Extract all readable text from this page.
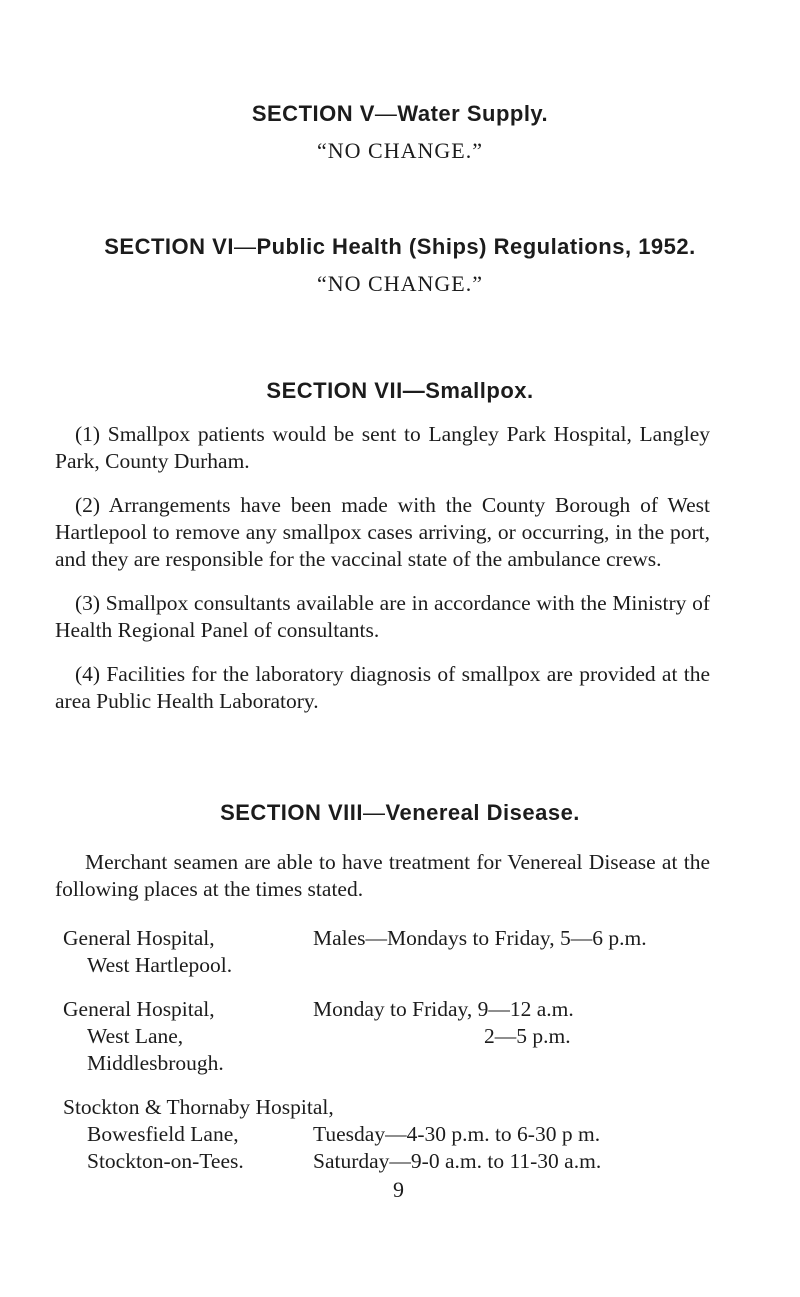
SECTION V—Water Supply.
“NO CHANGE.”
SECTION VI—Public Health (Ships) Regulations, 1952.
“NO CHANGE.”
SECTION VII—Smallpox.

(1) Smallpox patients would be sent to Langley Park Hospital, Langley Park, County Durham.

(2) Arrangements have been made with the County Borough of West Hartlepool to remove any smallpox cases arriving, or occurring, in the port, and they are responsible for the vaccinal state of the ambulance crews.

(3) Smallpox consultants available are in accordance with the Ministry of Health Regional Panel of consultants.

(4) Facilities for the laboratory diagnosis of smallpox are provided at the area Public Health Laboratory.

SECTION VIII—Venereal Disease.

Merchant seamen are able to have treatment for Venereal Disease at the following places at the times stated.

General Hospital,
West Hartlepool.
Males—Mondays to Friday, 5—6 p.m.
General Hospital,
West Lane,
Middlesbrough.
Monday to Friday, 9—12 a.m.
2—5 p.m.
Stockton & Thornaby Hospital,
Bowesfield Lane,
Stockton-on-Tees.
Tuesday—4-30 p.m. to 6-30 p m.
Saturday—9-0 a.m. to 11-30 a.m.
9
